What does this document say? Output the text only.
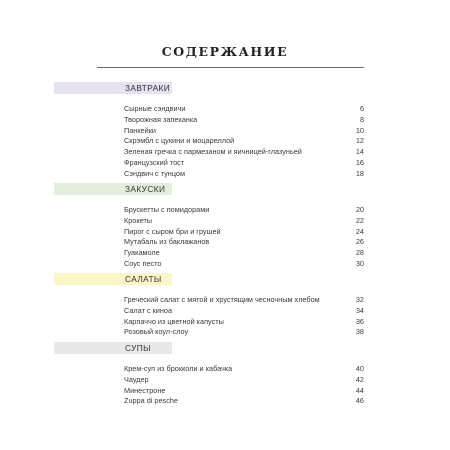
СОДЕРЖАНИЕ
ЗАВТРАКИ
Сырные сэндвичи	6
Творожная запеканка	8
Панкейки	10
Скрэмбл с цукини и моцареллой	12
Зеленая гречка с пармезаном и яичницей-глазуньей	14
Французский тост	16
Сэндвич с тунцом	18
ЗАКУСКИ
Брускетты с помидорами	20
Крокеты	22
Пирог с сыром бри и грушей	24
Мутабаль из баклажанов	26
Гуакамоле	28
Соус песто	30
САЛАТЫ
Греческий салат с мятой и хрустящим чесночным хлебом	32
Салат с киноа	34
Карпаччо из цветной капусты	36
Розовый коул-слоу	38
СУПЫ
Крем-суп из брокколи и кабачка	40
Чаудер	42
Минестроне	44
Zuppa di pesche	46
